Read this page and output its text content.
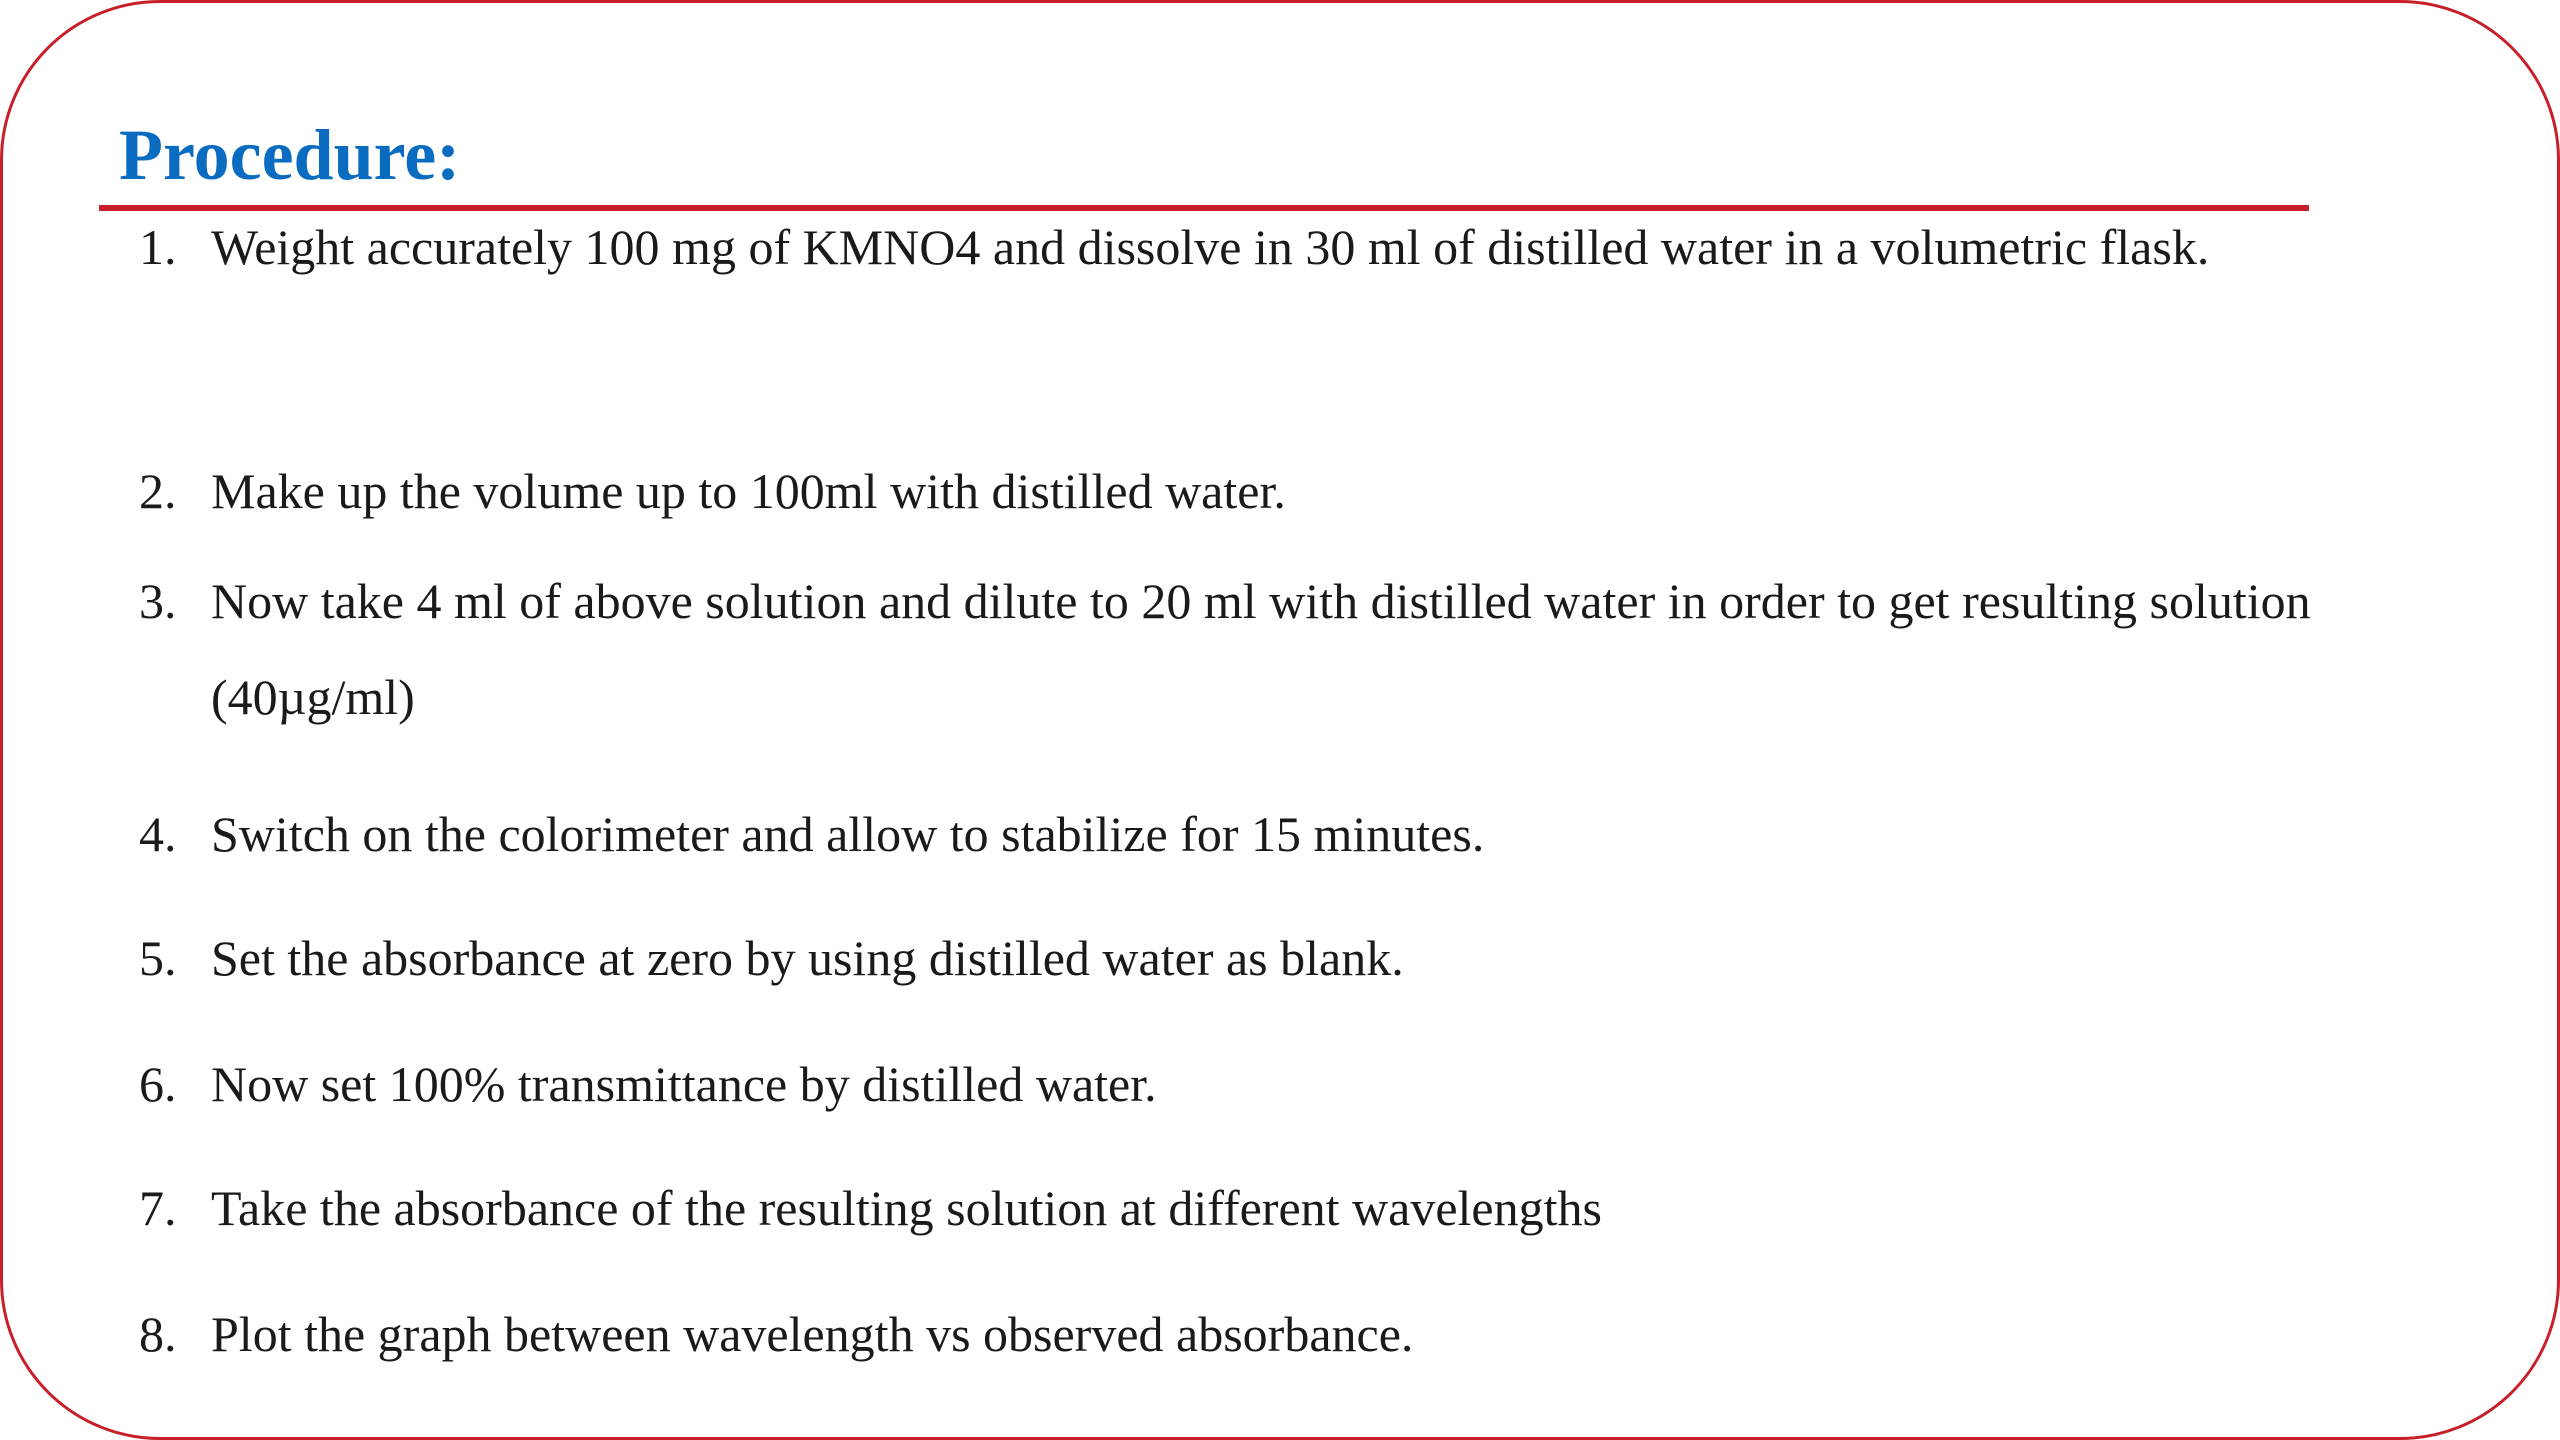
Procedure:
1. Weight accurately 100 mg of KMNO4 and dissolve in 30 ml of distilled water in a volumetric flask.
2. Make up the volume up to 100ml with distilled water.
3. Now take 4 ml of above solution and dilute to 20 ml with distilled water in order to get resulting solution (40µg/ml)
4. Switch on the colorimeter and allow to stabilize for 15 minutes.
5. Set the absorbance at zero by using distilled water as blank.
6. Now set 100% transmittance by distilled water.
7. Take the absorbance of the resulting solution at different wavelengths
8. Plot the graph between wavelength vs observed absorbance.
